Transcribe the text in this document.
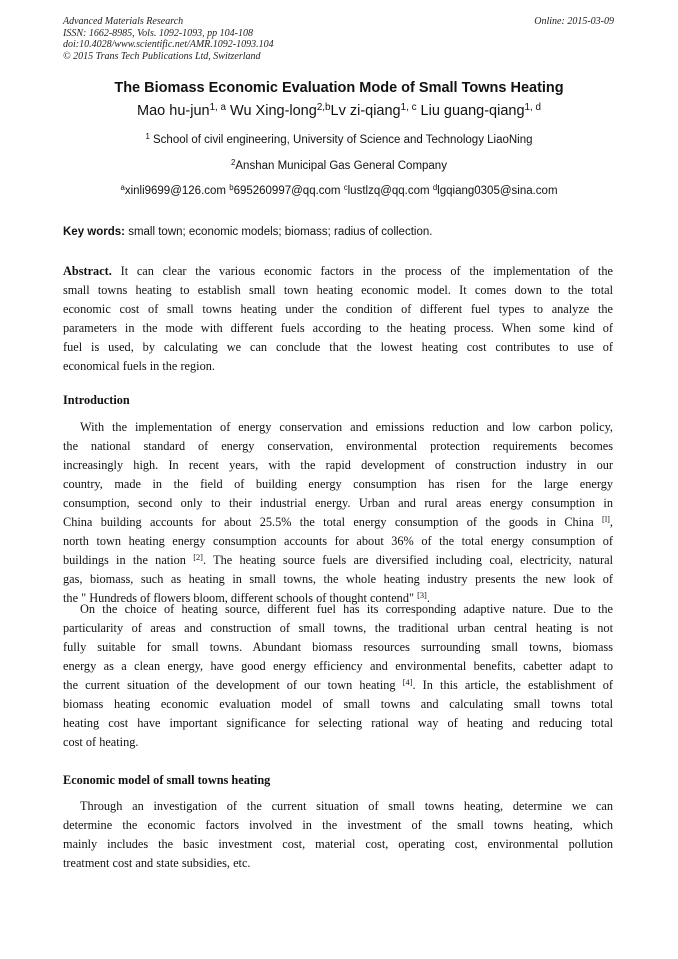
Advanced Materials Research
ISSN: 1662-8985, Vols. 1092-1093, pp 104-108
doi:10.4028/www.scientific.net/AMR.1092-1093.104
© 2015 Trans Tech Publications Ltd, Switzerland
Online: 2015-03-09
The Biomass Economic Evaluation Mode of Small Towns Heating
Mao hu-jun$^{1, a}$ Wu Xing-long$^{2,b}$Lv zi-qiang$^{1, c}$ Liu guang-qiang$^{1, d}$
$^1$ School of civil engineering, University of Science and Technology LiaoNing
$^2$Anshan Municipal Gas General Company
$^a$xinli9699@126.com $^b$695260997@qq.com $^c$lustlzq@qq.com $^d$lgqiang0305@sina.com
Key words: small town; economic models; biomass; radius of collection.
Abstract. It can clear the various economic factors in the process of the implementation of the
small towns heating to establish small town heating economic model. It comes down to the total
economic cost of small towns heating under the condition of different fuel types to analyze the
parameters in the mode with different fuels according to the heating process. When some kind of
fuel is used, by calculating we can conclude that the lowest heating cost contributes to use of
economical fuels in the region.
Introduction
With the implementation of energy conservation and emissions reduction and low carbon policy,
the national standard of energy conservation, environmental protection requirements becomes
increasingly high. In recent years, with the rapid development of construction industry in our
country, made in the field of building energy consumption has risen for the large energy
consumption, second only to their industrial energy. Urban and rural areas energy consumption in
China building accounts for about 25.5% the total energy consumption of the goods in China [l],
north town heating energy consumption accounts for about 36% of the total energy consumption of
buildings in the nation [2]. The heating source fuels are diversified including coal, electricity, natural
gas, biomass, such as heating in small towns, the whole heating industry presents the new look of
the " Hundreds of flowers bloom, different schools of thought contend" [3].
On the choice of heating source, different fuel has its corresponding adaptive nature. Due to the
particularity of areas and construction of small towns, the traditional urban central heating is not
fully suitable for small towns. Abundant biomass resources surrounding small towns, biomass
energy as a clean energy, have good energy efficiency and environmental benefits, cabetter adapt to
the current situation of the development of our town heating [4]. In this article, the establishment of
biomass heating economic evaluation model of small towns and calculating small towns total
heating cost have important significance for selecting rational way of heating and reducing total
cost of heating.
Economic model of small towns heating
Through an investigation of the current situation of small towns heating, determine we can
determine the economic factors involved in the investment of the small towns heating, which
mainly includes the basic investment cost, material cost, operating cost, environmental pollution
treatment cost and state subsidies, etc.
